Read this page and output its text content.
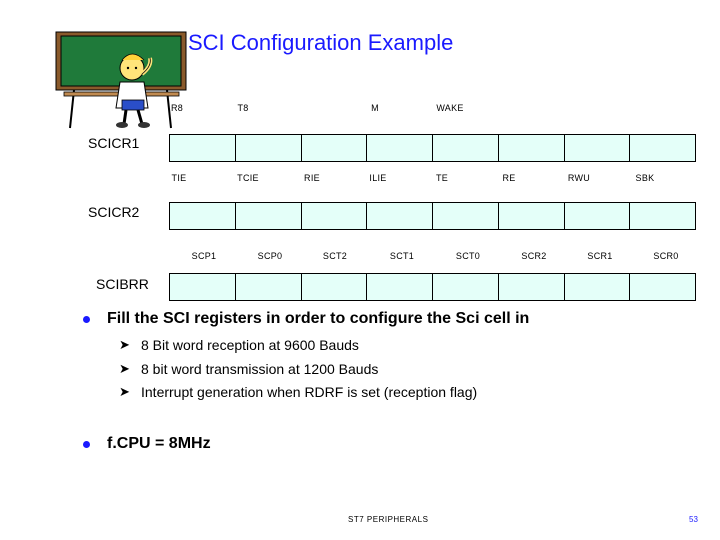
SCI Configuration Example
R8	T8	M	WAKE
SCICR1
TIE	TCIE	RIE	ILIE	TE	RE	RWU	SBK
SCICR2
SCP1	SCP0	SCT2	SCT1	SCT0	SCR2	SCR1	SCR0
SCIBRR
Fill the SCI registers in order to configure the Sci cell in
➤ 8 Bit word reception at 9600 Bauds
➤ 8 bit word transmission at 1200 Bauds
➤ Interrupt generation when RDRF is set (reception flag)
f.CPU = 8MHz
ST7 PERIPHERALS	53
